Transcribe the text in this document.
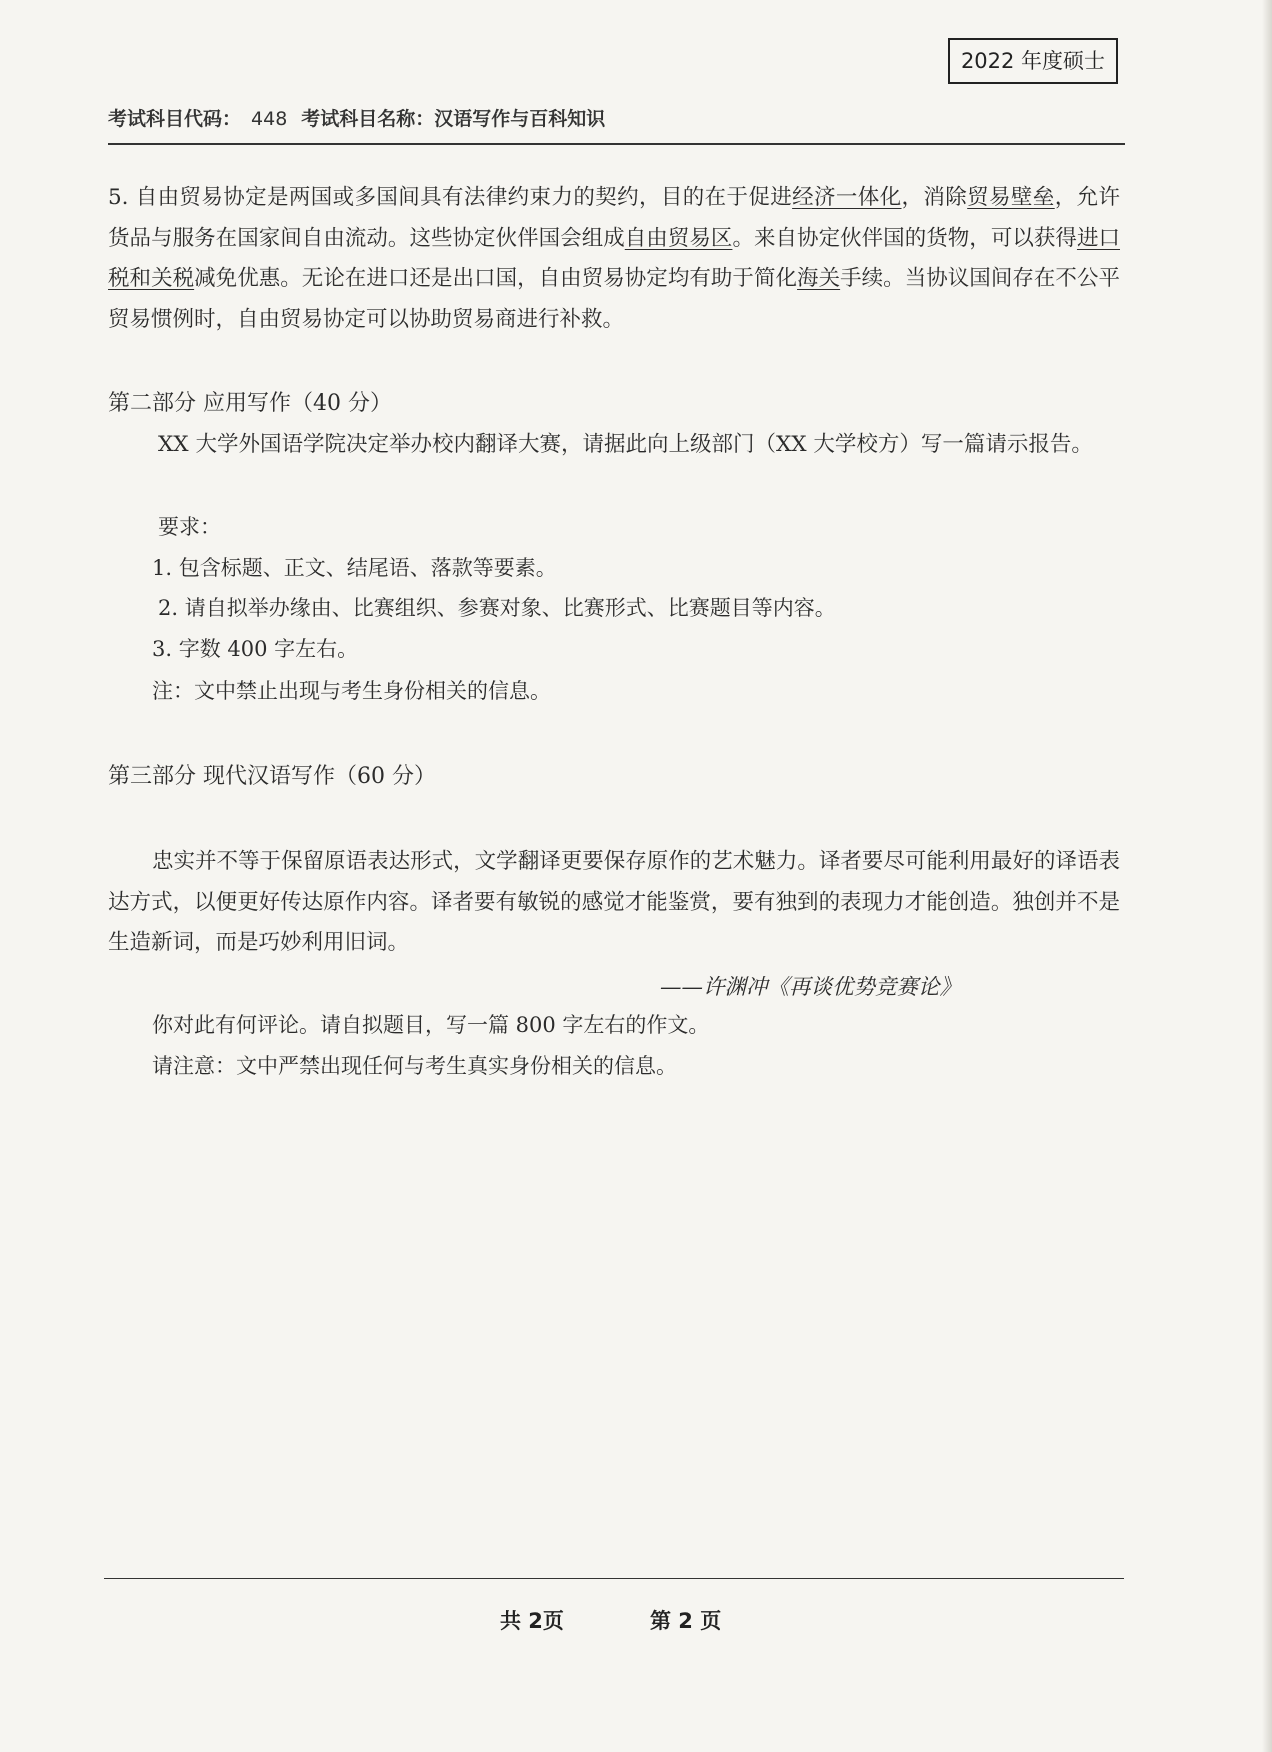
2022 年度硕士
考试科目代码： 448 考试科目名称：汉语写作与百科知识

5. 自由贸易协定是两国或多国间具有法律约束力的契约，目的在于促进经济一体化，消除贸易壁垒，允许货品与服务在国家间自由流动。这些协定伙伴国会组成自由贸易区。来自协定伙伴国的货物，可以获得进口税和关税减免优惠。无论在进口还是出口国，自由贸易协定均有助于简化海关手续。当协议国间存在不公平贸易惯例时，自由贸易协定可以协助贸易商进行补救。

第二部分 应用写作（40 分）

XX 大学外国语学院决定举办校内翻译大赛，请据此向上级部门（XX 大学校方）写一篇请示报告。

要求：
1. 包含标题、正文、结尾语、落款等要素。
2. 请自拟举办缘由、比赛组织、参赛对象、比赛形式、比赛题目等内容。
3. 字数 400 字左右。
注：文中禁止出现与考生身份相关的信息。
第三部分 现代汉语写作（60 分）

忠实并不等于保留原语表达形式，文学翻译更要保存原作的艺术魅力。译者要尽可能利用最好的译语表达方式，以便更好传达原作内容。译者要有敏锐的感觉才能鉴赏，要有独到的表现力才能创造。独创并不是生造新词，而是巧妙利用旧词。

——许渊冲《再谈优势竞赛论》
你对此有何评论。请自拟题目，写一篇 800 字左右的作文。
请注意：文中严禁出现任何与考生真实身份相关的信息。
共 2页	第 2 页
